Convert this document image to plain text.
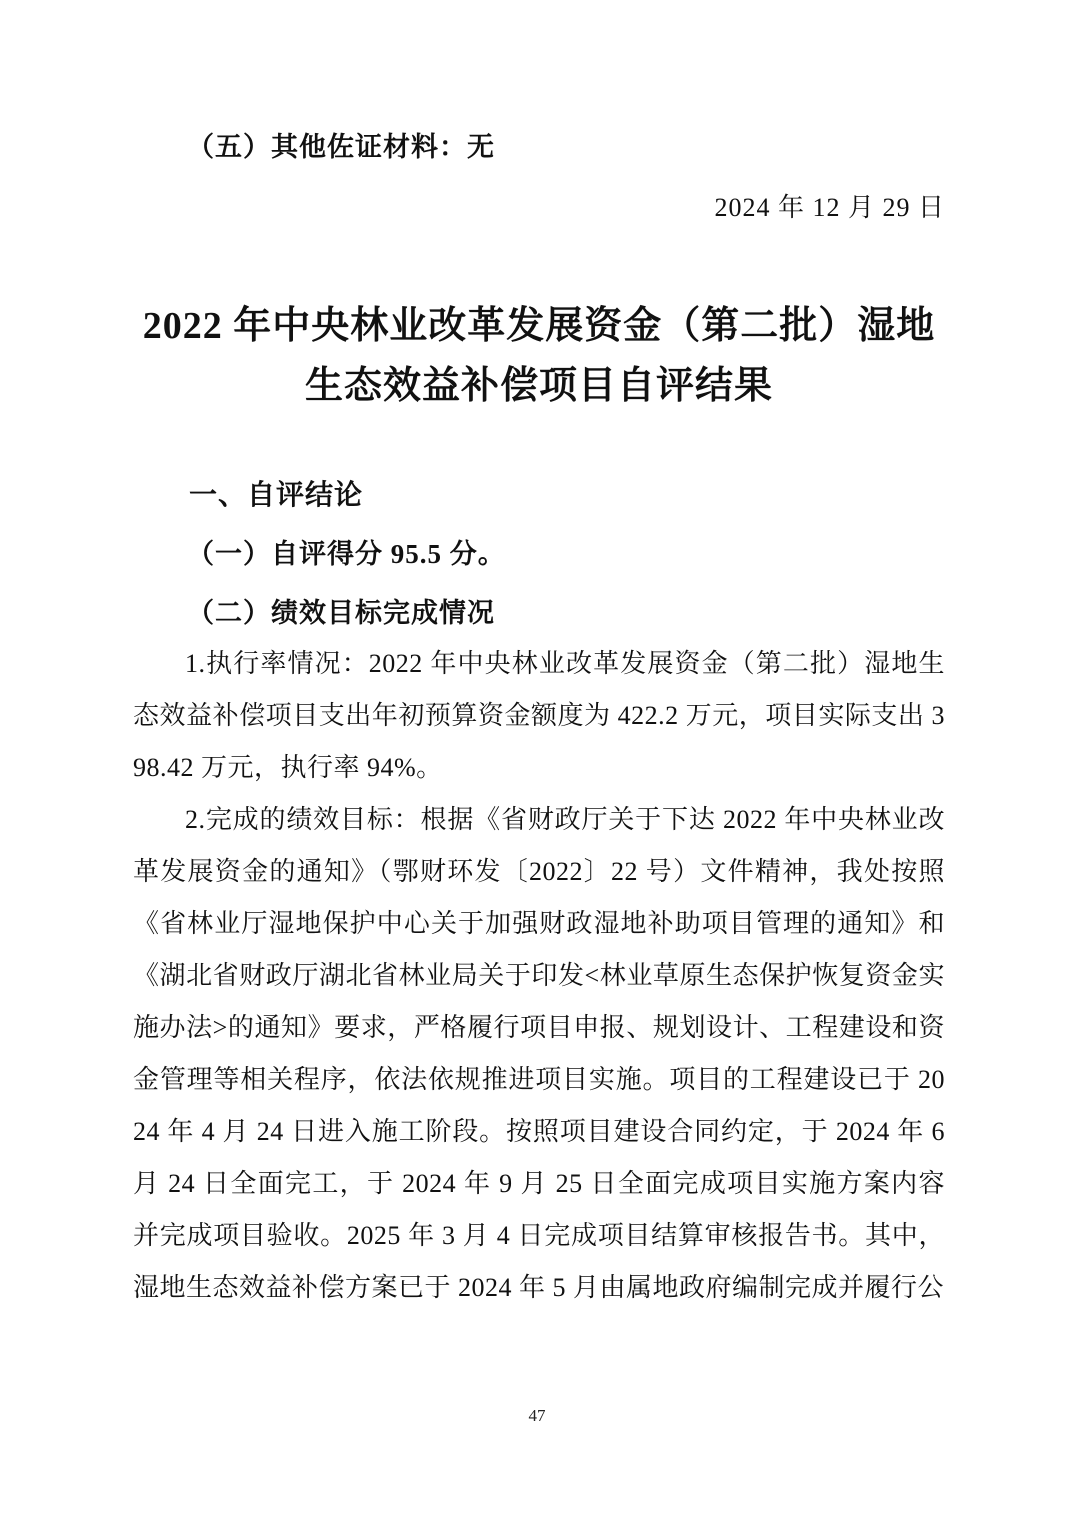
（五）其他佐证材料：无
2024 年 12 月 29 日
2022 年中央林业改革发展资金（第二批）湿地
生态效益补偿项目自评结果
一、自评结论
（一）自评得分 95.5 分。
（二）绩效目标完成情况

1.执行率情况：2022 年中央林业改革发展资金（第二批）湿地生态效益补偿项目支出年初预算资金额度为 422.2 万元，项目实际支出 398.42 万元，执行率 94%。

2.完成的绩效目标：根据《省财政厅关于下达 2022 年中央林业改革发展资金的通知》（鄂财环发〔2022〕22 号）文件精神，我处按照《省林业厅湿地保护中心关于加强财政湿地补助项目管理的通知》和《湖北省财政厅湖北省林业局关于印发<林业草原生态保护恢复资金实施办法>的通知》要求，严格履行项目申报、规划设计、工程建设和资金管理等相关程序，依法依规推进项目实施。项目的工程建设已于 2024 年 4 月 24 日进入施工阶段。按照项目建设合同约定，于 2024 年 6 月 24 日全面完工，于 2024 年 9 月 25 日全面完成项目实施方案内容并完成项目验收。2025 年 3 月 4 日完成项目结算审核报告书。其中，湿地生态效益补偿方案已于 2024 年 5 月由属地政府编制完成并履行公

47
